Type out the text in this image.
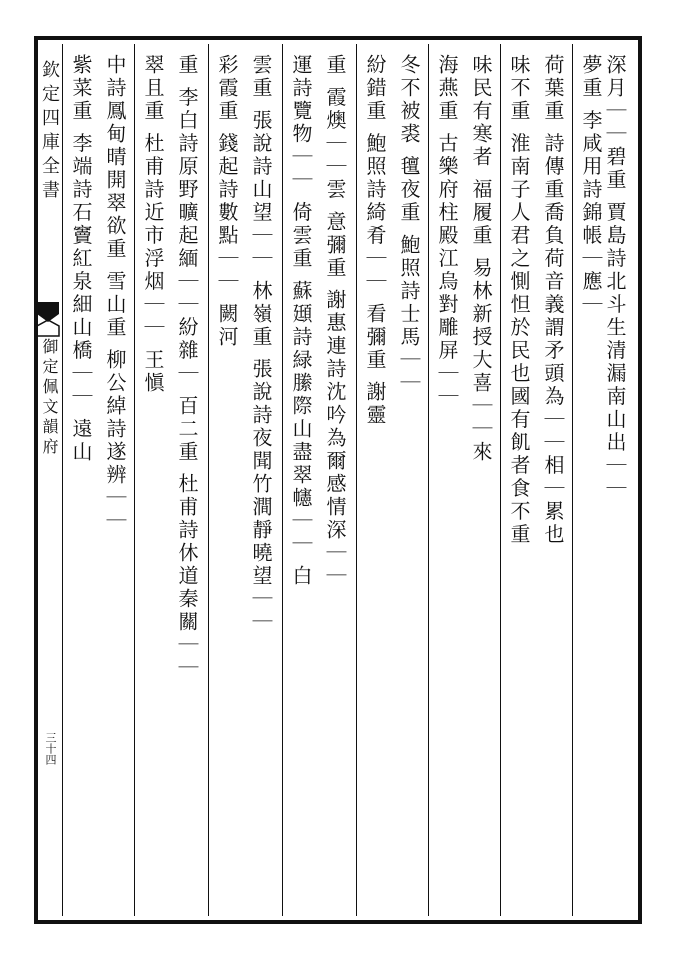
欽定四庫全書
御定佩文韻府
三十四
深月｜｜碧重 賈島詩北斗生清漏南山出｜｜
夢重 李咸用詩錦帳｜應｜
荷葉重 詩傳重喬負荷音義謂矛頭為｜｜相｜累也
味不重 淮南子人君之惻怛於民也國有飢者食不重
味民有寒者 福履重 易林新授大喜｜｜來
海燕重 古樂府柱殿江烏對雕屏｜｜
冬不被裘 氊夜重 鮑照詩士馬｜｜
紛錯重 鮑照詩綺肴｜｜ 看彌重 謝靈
重 霞燠｜｜雲 意彌重 謝惠連詩沈吟為爾感情深｜｜
運詩覽物｜｜ 倚雲重 蘇頲詩緑縢際山盡翠幰｜｜ 白
雲重 張說詩山望｜｜ 林嶺重 張說詩夜聞竹澗靜曉望｜｜
彩霞重 錢起詩數點｜｜ 闕河
重 李白詩原野曠起緬｜｜紛雜｜ 百二重 杜甫詩休道秦關｜｜
翠且重 杜甫詩近市浮烟｜｜ 王愼
中詩鳳甸晴開翠欲重 雪山重 柳公綽詩遂辨｜｜
紫菜重 李端詩石竇紅泉細山橋｜｜ 遠山
